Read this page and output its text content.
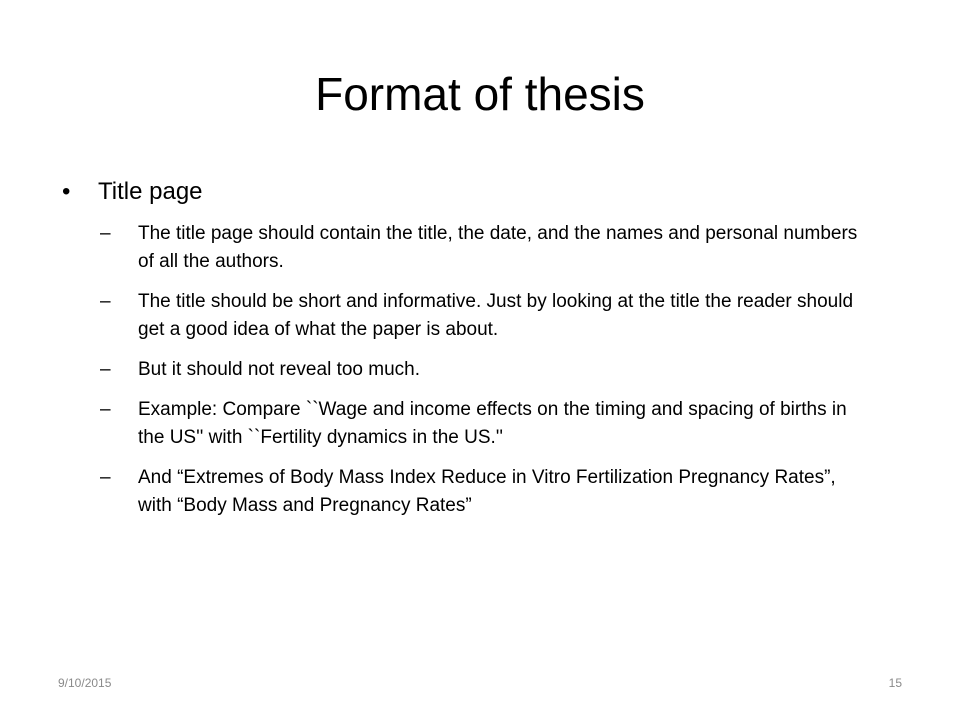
Format of thesis
•	Title page
–	The title page should contain the title, the date, and the names and personal numbers of all the authors.
–	The title should be short and informative. Just by looking at the title the reader should get a good idea of what the paper is about.
–	But it should not reveal too much.
–	Example: Compare ``Wage and income effects on the timing and spacing of births in the US'' with ``Fertility dynamics in the US.''
–	And “Extremes of Body Mass Index Reduce in Vitro Fertilization Pregnancy Rates”, with “Body Mass and Pregnancy Rates”
9/10/2015	15
